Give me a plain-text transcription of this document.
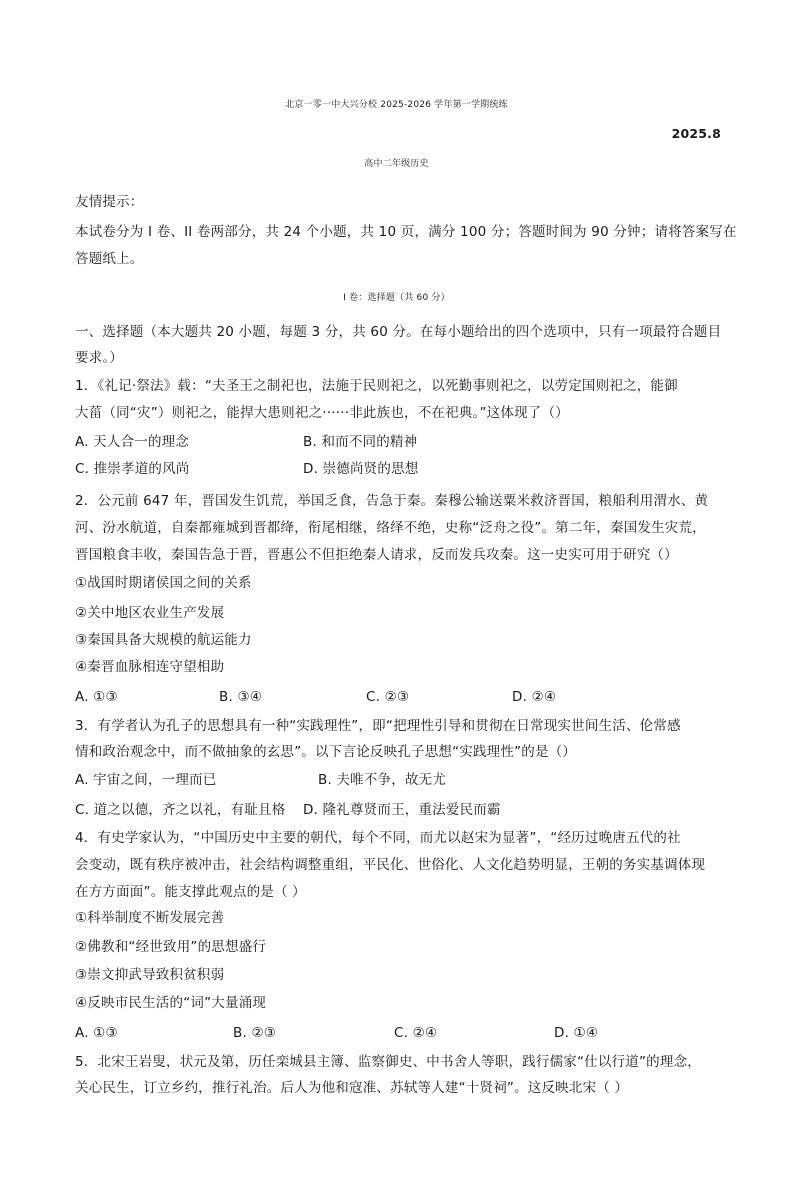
北京一零一中大兴分校 2025-2026 学年第一学期统练
2025.8
高中二年级历史
友情提示：
本试卷分为 I 卷、II 卷两部分，共 24 个小题，共 10 页，满分 100 分；答题时间为 90 分钟；请将答案写在
答题纸上。
I 卷：选择题（共 60 分）
一、选择题（本大题共 20 小题，每题 3 分，共 60 分。在每小题给出的四个选项中，只有一项最符合题目
要求。）
1．《礼记·祭法》载：“夫圣王之制祀也，法施于民则祀之，以死勤事则祀之，以劳定国则祀之，能御
大菑（同“灾”）则祀之，能捍大患则祀之······非此族也，不在祀典。”这体现了（）
A. 天人合一的理念	B. 和而不同的精神
C. 推崇孝道的风尚	D. 崇德尚贤的思想
2．公元前 647 年，晋国发生饥荒，举国乏食，告急于秦。秦穆公输送粟米救济晋国，粮船利用渭水、黄
河、汾水航道，自秦都雍城到晋都绛，衔尾相继，络绎不绝，史称“泛舟之役”。第二年，秦国发生灾荒，
晋国粮食丰收，秦国告急于晋，晋惠公不但拒绝秦人请求，反而发兵攻秦。这一史实可用于研究（）
①战国时期诸侯国之间的关系
②关中地区农业生产发展
③秦国具备大规模的航运能力
④秦晋血脉相连守望相助
A. ①③	B. ③④	C. ②③	D. ②④
3．有学者认为孔子的思想具有一种“实践理性”，即“把理性引导和贯彻在日常现实世间生活、伦常感
情和政治观念中，而不做抽象的玄思”。以下言论反映孔子思想“实践理性”的是（）
A. 宇宙之间，一理而已	B. 夫唯不争，故无尤
C. 道之以德，齐之以礼，有耻且格 D. 隆礼尊贤而王，重法爱民而霸
4．有史学家认为，“中国历史中主要的朝代，每个不同，而尤以赵宋为显著”，“经历过晚唐五代的社
会变动，既有秩序被冲击，社会结构调整重组，平民化、世俗化、人文化趋势明显，王朝的务实基调体现
在方方面面”。能支撑此观点的是（ ）
①科举制度不断发展完善
②佛教和“经世致用”的思想盛行
③崇文抑武导致积贫积弱
④反映市民生活的“词”大量涌现
A. ①③	B. ②③	C. ②④	D. ①④
5．北宋王岩叟，状元及第，历任栾城县主簿、监察御史、中书舍人等职，践行儒家“仕以行道”的理念，
关心民生，订立乡约，推行礼治。后人为他和寇准、苏轼等人建“十贤祠”。这反映北宋（ ）
